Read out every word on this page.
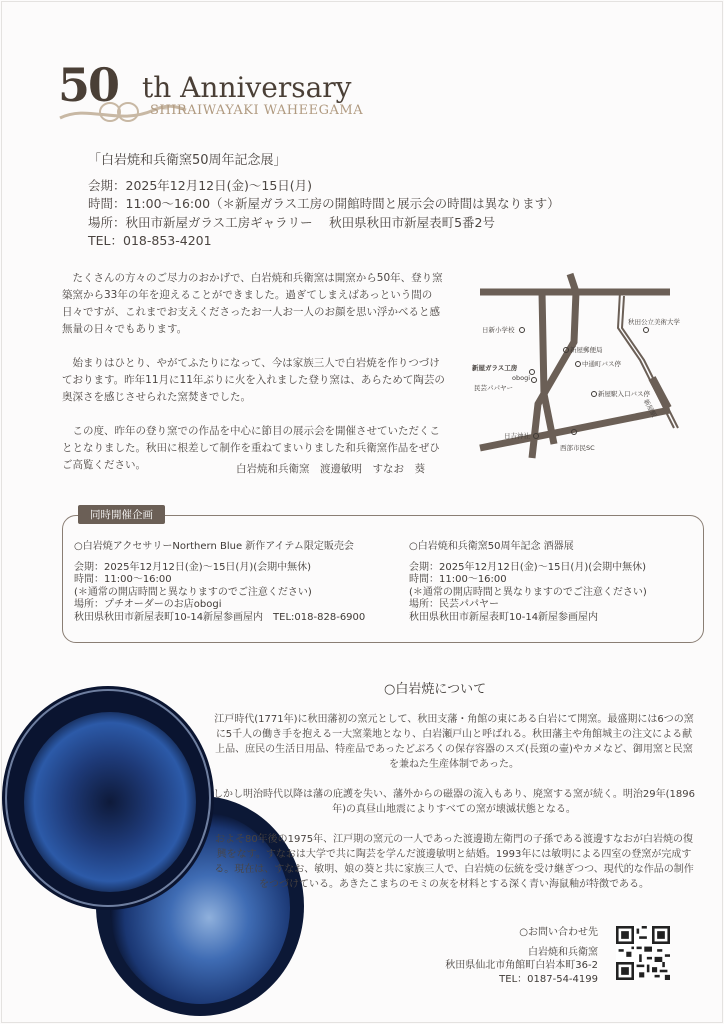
50 th Anniversary
SHIRAIWAYAKI WAHEEGAMA
「白岩焼和兵衛窯50周年記念展」
会期：2025年12月12日(金)～15日(月)
時間：11:00～16:00（＊新屋ガラス工房の開館時間と展示会の時間は異なります）
場所：秋田市新屋ガラス工房ギャラリー　 秋田県秋田市新屋表町5番2号
TEL：018-853-4201

たくさんの方々のご尽力のおかげで、白岩焼和兵衛窯は開窯から50年、登り窯築窯から33年の年を迎えることができました。過ぎてしまえばあっという間の日々ですが、これまでお支えくださったお一人お一人のお顔を思い浮かべると感無量の日々でもあります。

始まりはひとり、やがてふたりになって、今は家族三人で白岩焼を作りつづけております。昨年11月に11年ぶりに火を入れました登り窯は、あらためて陶芸の奥深さを感じさせられた窯焚きでした。

この度、昨年の登り窯での作品を中心に節目の展示会を開催させていただくこととなりました。秋田に根差して制作を重ねてまいりました和兵衛窯作品をぜひご高覧ください。	白岩焼和兵衛窯　渡邊敏明　すなお　葵
日新小学校
秋田公立美術大学
新屋郵便局
中通町バス停
新屋ガラス工房
obogi
民芸パパヤー
新屋駅入口バス停
日吉神社
西部市民SC
新屋駅
同時開催企画
○白岩焼アクセサリーNorthern Blue 新作アイテム限定販売会
会期：2025年12月12日(金)～15日(月)(会期中無休)
時間：11:00～16:00
(＊通常の開店時間と異なりますのでご注意ください)
場所：プチオーダーのお店obogi
秋田県秋田市新屋表町10-14新屋参画屋内　TEL:018-828-6900
○白岩焼和兵衛窯50周年記念 酒器展
会期：2025年12月12日(金)～15日(月)(会期中無休)
時間：11:00～16:00
(＊通常の開店時間と異なりますのでご注意ください)
場所：民芸パパヤー
秋田県秋田市新屋表町10-14新屋参画屋内
○白岩焼について

江戸時代(1771年)に秋田藩初の窯元として、秋田支藩・角館の東にある白岩にて開窯。最盛期には6つの窯に5千人の働き手を抱える一大窯業地となり、白岩瀬戸山と呼ばれる。秋田藩主や角館城主の注文による献上品、庶民の生活日用品、特産品であったどぶろくの保存容器のスズ(長頸の壷)やカメなど、御用窯と民窯を兼ねた生産体制であった。

しかし明治時代以降は藩の庇護を失い、藩外からの磁器の流入もあり、廃窯する窯が続く。明治29年(1896年)の真昼山地震によりすべての窯が壊滅状態となる。

およそ80年後の1975年、江戸期の窯元の一人であった渡邊勘左衛門の子孫である渡邊すなおが白岩焼の復興をなす。すなおは大学で共に陶芸を学んだ渡邊敏明と結婚。1993年には敏明による四室の登窯が完成する。現在は、すなお、敏明、娘の葵と共に家族三人で、白岩焼の伝統を受け継ぎつつ、現代的な作品の制作をつづけている。あきたこまちのモミの灰を材料とする深く青い海鼠釉が特徴である。

○お問い合わせ先
白岩焼和兵衛窯
秋田県仙北市角館町白岩本町36-2
TEL：0187-54-4199
